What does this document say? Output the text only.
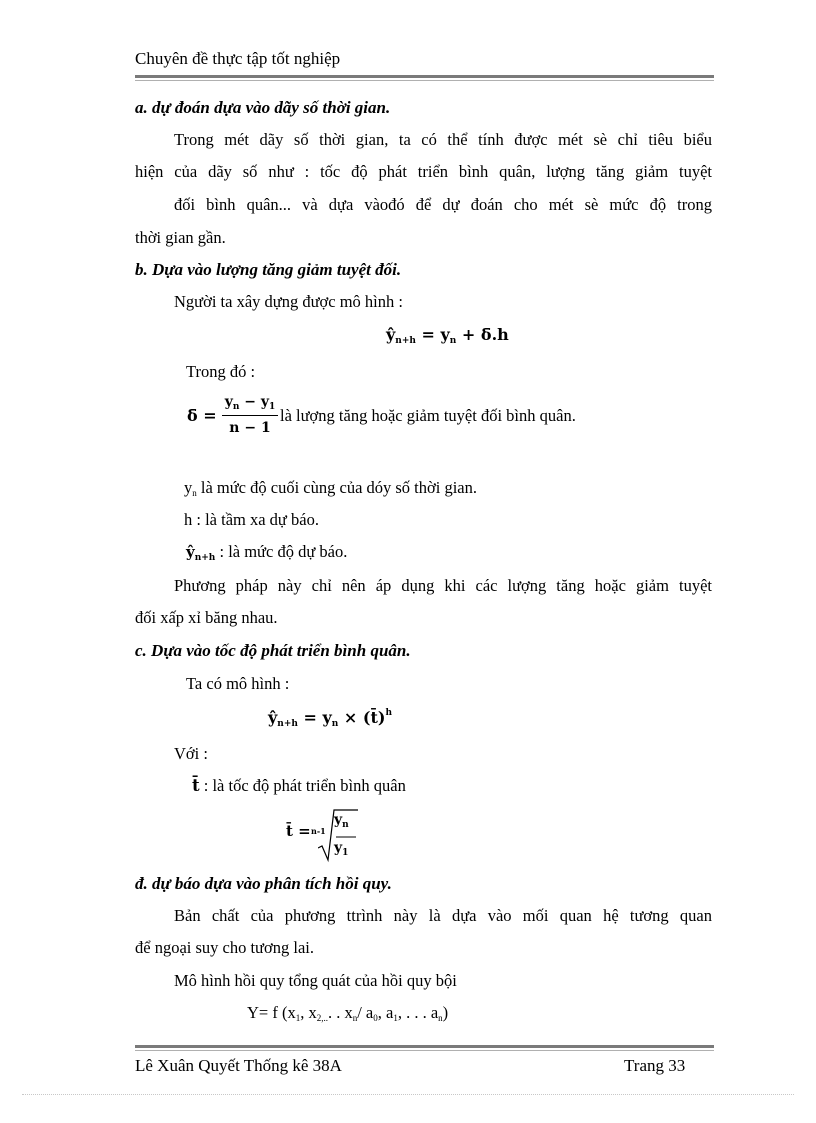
Chuyên đề thực tập tốt nghiệp
a. dự đoán dựa vào dãy số thời gian.
Trong mét dãy số thời gian, ta có thể tính được mét sè chỉ tiêu biểu
hiện của dãy số như : tốc độ phát triển bình quân, lượng tăng giảm tuyệt
đối bình quân... và dựa vàođó để dự đoán cho mét sè mức độ trong
thời gian gần.
b. Dựa vào lượng tăng giảm tuyệt đối.
Người ta xây dựng được mô hình :
$ŷ_{n+h} = y_n$ + δ̄.h
Trong đó :
δ̄ =
$y_n - y_1$
n − 1
là lượng tăng hoặc giảm tuyệt đối bình quân.
$y_n$ là mức độ cuối cùng của dóy số thời gian.
h : là tầm xa dự báo.
$ŷ_{n+h}$ : là mức độ dự báo.
Phương pháp này chỉ nên áp dụng khi các lượng tăng hoặc giảm tuyệt
đối xấp xỉ băng nhau.
c. Dựa vào tốc độ phát triển bình quân.
Ta có mô hình :
$ŷ_{n+h} = y_n$ × (t̄)$^h$
Với :
t̄ : là tốc độ phát triển bình quân
t̄ = n-1
$y_n$
$y_1$
đ. dự báo dựa vào phân tích hồi quy.
Bản chất của phương ttrình này là dựa vào mối quan hệ tương quan
để ngoại suy cho tương lai.
Mô hình hồi quy tổng quát của hồi quy bội
Y= f ($x_1$, $x_{2,..}$. . $x_n/$ $a_0$, $a_1$, . . . $a_n$)
Lê Xuân Quyết Thống kê 38A	Trang 33
